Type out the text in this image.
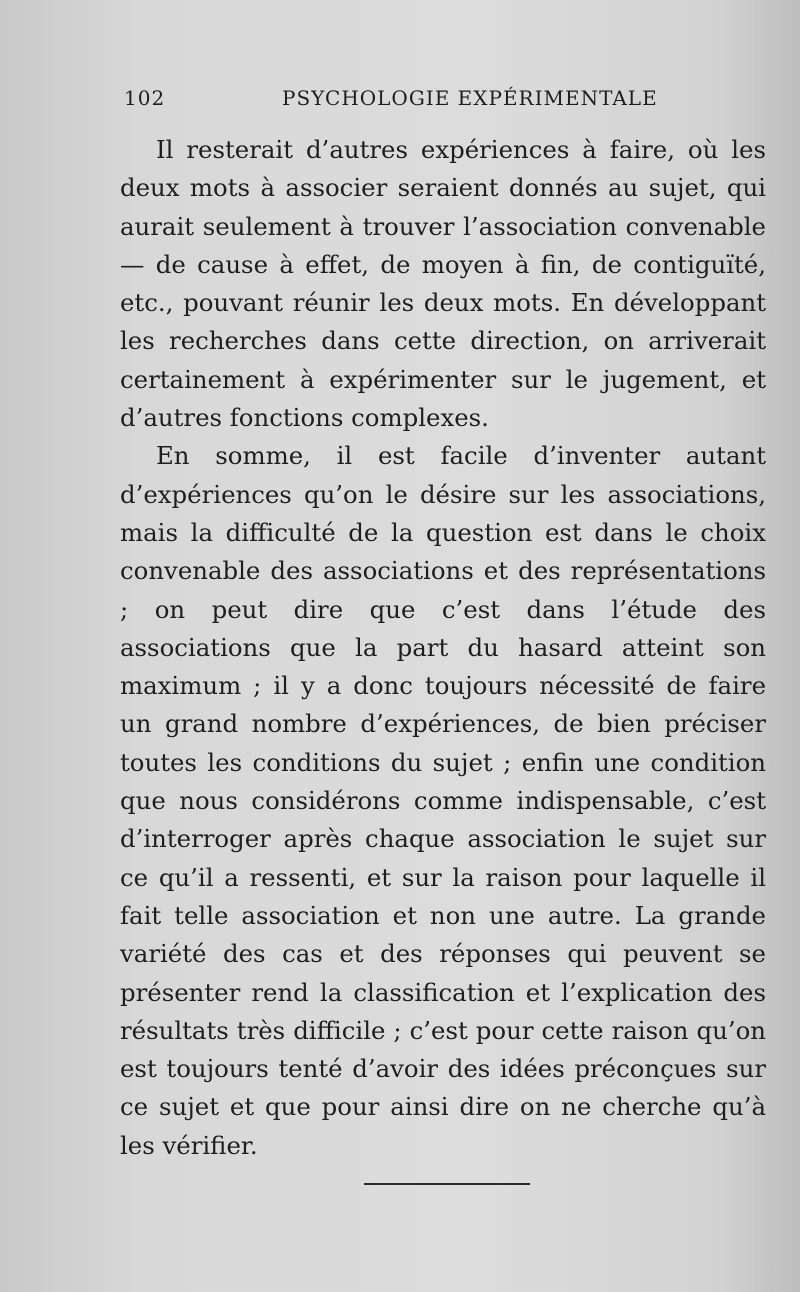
102	PSYCHOLOGIE EXPÉRIMENTALE

Il resterait d’autres expériences à faire, où les deux mots à associer seraient donnés au sujet, qui aurait seulement à trouver l’association convenable — de cause à effet, de moyen à fin, de contiguïté, etc., pouvant réunir les deux mots. En développant les recherches dans cette direction, on arriverait certainement à expérimenter sur le jugement, et d’autres fonctions complexes.

En somme, il est facile d’inventer autant d’expériences qu’on le désire sur les associations, mais la difficulté de la question est dans le choix convenable des associations et des représentations ; on peut dire que c’est dans l’étude des associations que la part du hasard atteint son maximum ; il y a donc toujours nécessité de faire un grand nombre d’expériences, de bien préciser toutes les conditions du sujet ; enfin une condition que nous considérons comme indispensable, c’est d’interroger après chaque association le sujet sur ce qu’il a ressenti, et sur la raison pour laquelle il fait telle association et non une autre. La grande variété des cas et des réponses qui peuvent se présenter rend la classification et l’explication des résultats très difficile ; c’est pour cette raison qu’on est toujours tenté d’avoir des idées préconçues sur ce sujet et que pour ainsi dire on ne cherche qu’à les vérifier.
